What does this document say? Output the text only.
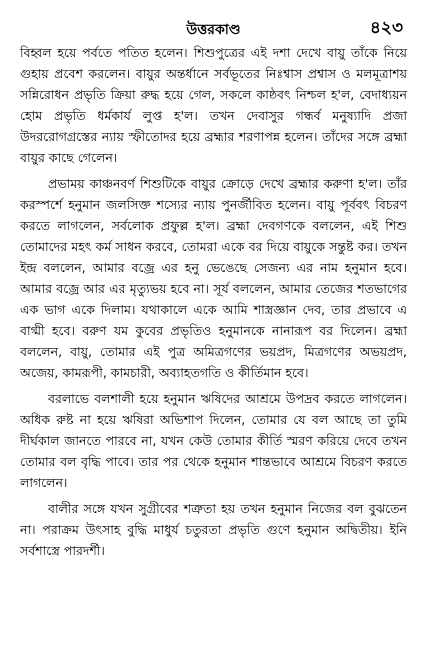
উত্তরকাণ্ড	৪২৩

বিহ্বল হয়ে পর্বতে পতিত হলেন। শিশুপুত্রের এই দশা দেখে বায়ু তাঁকে নিয়ে গুহায় প্রবেশ করলেন। বায়ুর অন্তর্ধানে সর্বভূতের নিঃশ্বাস প্রশ্বাস ও মলমূত্রাশয় সন্নিরোধন প্রভৃতি ক্রিয়া রুদ্ধ হয়ে গেল, সকলে কাষ্ঠবৎ নিশ্চল হ'ল, বেদাধ্যয়ন হোম প্রভৃতি ধর্মকার্য লুপ্ত হ'ল। তখন দেবাসুর গন্ধর্ব মনুষ্যাদি প্রজা উদররোগগ্রস্তের ন্যায় স্ফীতোদর হয়ে ব্রহ্মার শরণাপন্ন হলেন। তাঁদের সঙ্গে ব্রহ্মা বায়ুর কাছে গেলেন।

প্রভাময় কাঞ্চনবর্ণ শিশুটিকে বায়ুর ক্রোড়ে দেখে ব্রহ্মার করুণা হ'ল। তাঁর করস্পর্শে হনুমান জলসিক্ত শস্যের ন্যায় পুনর্জীবিত হলেন। বায়ু পূর্ববৎ বিচরণ করতে লাগলেন, সর্বলোক প্রফুল্ল হ'ল। ব্রহ্মা দেবগণকে বললেন, এই শিশু তোমাদের মহৎ কর্ম সাধন করবে, তোমরা একে বর দিয়ে বায়ুকে সন্তুষ্ট কর। তখন ইন্দ্র বললেন, আমার বজ্রে এর হনু ভেঙেছে সেজন্য এর নাম হনুমান হবে। আমার বজ্রে আর এর মৃত্যুভয় হবে না। সূর্য বললেন, আমার তেজের শতভাগের এক ভাগ একে দিলাম। যথাকালে একে আমি শাস্ত্রজ্ঞান দেব, তার প্রভাবে এ বাগ্মী হবে। বরুণ যম কুবের প্রভৃতিও হনুমানকে নানারূপ বর দিলেন। ব্রহ্মা বললেন, বায়ু, তোমার এই পুত্র অমিত্রগণের ভয়প্রদ, মিত্রগণের অভয়প্রদ, অজেয়, কামরূপী, কামচারী, অব্যাহতগতি ও কীর্তিমান হবে।

বরলাভে বলশালী হয়ে হনুমান ঋষিদের আশ্রমে উপদ্রব করতে লাগলেন। অধিক রুষ্ট না হয়ে ঋষিরা অভিশাপ দিলেন, তোমার যে বল আছে তা তুমি দীর্ঘকাল জানতে পারবে না, যখন কেউ তোমার কীর্তি স্মরণ করিয়ে দেবে তখন তোমার বল বৃদ্ধি পাবে। তার পর থেকে হনুমান শান্তভাবে আশ্রমে বিচরণ করতে লাগলেন।

বালীর সঙ্গে যখন সুগ্রীবের শত্রুতা হয় তখন হনুমান নিজের বল বুঝতেন না। পরাক্রম উৎসাহ বুদ্ধি মাধুর্য চতুরতা প্রভৃতি গুণে হনুমান অদ্বিতীয়। ইনি সর্বশাস্ত্রে পারদর্শী।
